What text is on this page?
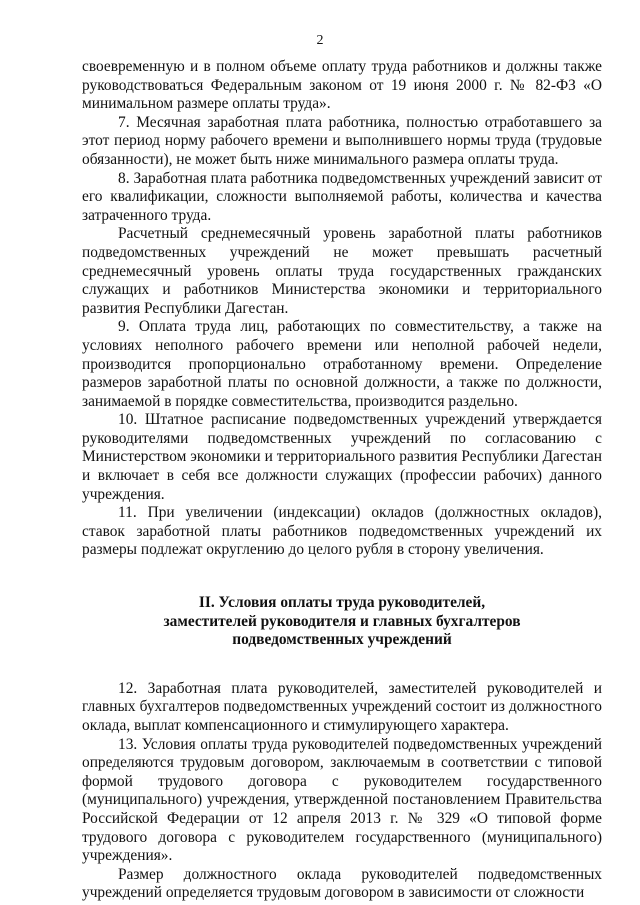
2

своевременную и в полном объеме оплату труда работников и должны также руководствоваться Федеральным законом от 19 июня 2000 г. № 82-ФЗ «О минимальном размере оплаты труда».

7. Месячная заработная плата работника, полностью отработавшего за этот период норму рабочего времени и выполнившего нормы труда (трудовые обязанности), не может быть ниже минимального размера оплаты труда.

8. Заработная плата работника подведомственных учреждений зависит от его квалификации, сложности выполняемой работы, количества и качества затраченного труда.

Расчетный среднемесячный уровень заработной платы работников подведомственных учреждений не может превышать расчетный среднемесячный уровень оплаты труда государственных гражданских служащих и работников Министерства экономики и территориального развития Республики Дагестан.

9. Оплата труда лиц, работающих по совместительству, а также на условиях неполного рабочего времени или неполной рабочей недели, производится пропорционально отработанному времени. Определение размеров заработной платы по основной должности, а также по должности, занимаемой в порядке совместительства, производится раздельно.

10. Штатное расписание подведомственных учреждений утверждается руководителями подведомственных учреждений по согласованию с Министерством экономики и территориального развития Республики Дагестан и включает в себя все должности служащих (профессии рабочих) данного учреждения.

11. При увеличении (индексации) окладов (должностных окладов), ставок заработной платы работников подведомственных учреждений их размеры подлежат округлению до целого рубля в сторону увеличения.

II. Условия оплаты труда руководителей,
заместителей руководителя и главных бухгалтеров
подведомственных учреждений

12. Заработная плата руководителей, заместителей руководителей и главных бухгалтеров подведомственных учреждений состоит из должностного оклада, выплат компенсационного и стимулирующего характера.

13. Условия оплаты труда руководителей подведомственных учреждений определяются трудовым договором, заключаемым в соответствии с типовой формой трудового договора с руководителем государственного (муниципального) учреждения, утвержденной постановлением Правительства Российской Федерации от 12 апреля 2013 г. № 329 «О типовой форме трудового договора с руководителем государственного (муниципального) учреждения».

Размер должностного оклада руководителей подведомственных учреждений определяется трудовым договором в зависимости от сложности
